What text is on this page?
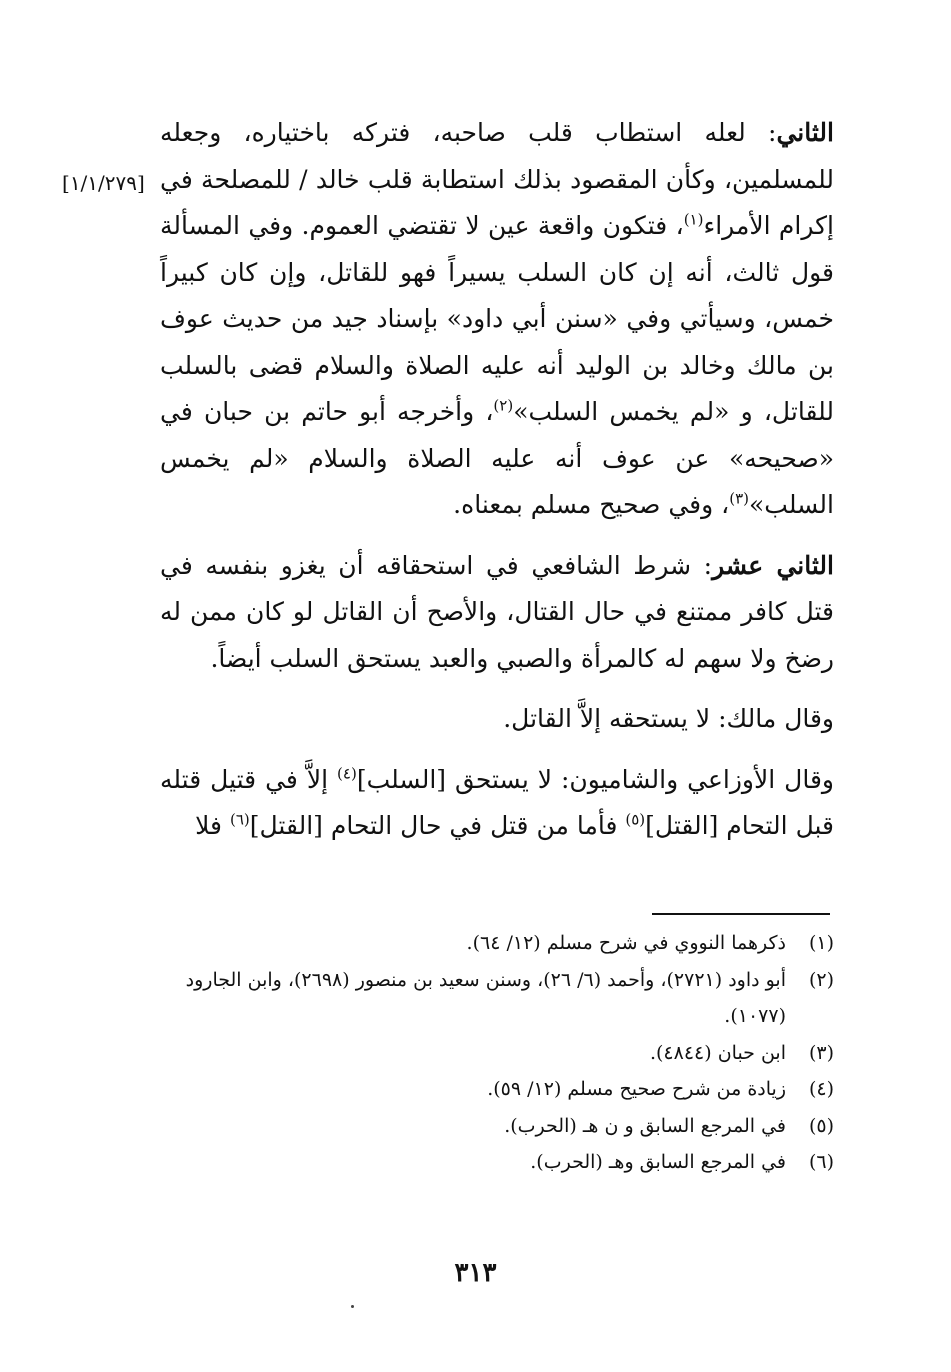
[١/١/٢٧٩]

الثاني: لعله استطاب قلب صاحبه، فتركه باختياره، وجعله للمسلمين، وكأن المقصود بذلك استطابة قلب خالد / للمصلحة في إكرام الأمراء$^{(١)}$، فتكون واقعة عين لا تقتضي العموم. وفي المسألة قول ثالث، أنه إن كان السلب يسيراً فهو للقاتل، وإن كان كبيراً خمس، وسيأتي وفي «سنن أبي داود» بإسناد جيد من حديث عوف بن مالك وخالد بن الوليد أنه عليه الصلاة والسلام قضى بالسلب للقاتل، و «لم يخمس السلب»$^{(٢)}$، وأخرجه أبو حاتم بن حبان في «صحيحه» عن عوف أنه عليه الصلاة والسلام «لم يخمس السلب»$^{(٣)}$، وفي صحيح مسلم بمعناه.

الثاني عشر: شرط الشافعي في استحقاقه أن يغزو بنفسه في قتل كافر ممتنع في حال القتال، والأصح أن القاتل لو كان ممن له رضخ ولا سهم له كالمرأة والصبي والعبد يستحق السلب أيضاً.

وقال مالك: لا يستحقه إلاَّ القاتل.

وقال الأوزاعي والشاميون: لا يستحق [السلب]$^{(٤)}$ إلاَّ في قتيل قتله قبل التحام [القتل]$^{(٥)}$ فأما من قتل في حال التحام [القتل]$^{(٦)}$ فلا

(١)
ذكرهما النووي في شرح مسلم (١٢/ ٦٤).
(٢)
أبو داود (٢٧٢١)، وأحمد (٦/ ٢٦)، وسنن سعيد بن منصور (٢٦٩٨)، وابن الجارود (١٠٧٧).
(٣)
ابن حبان (٤٨٤٤).
(٤)
زيادة من شرح صحيح مسلم (١٢/ ٥٩).
(٥)
في المرجع السابق و ن هـ (الحرب).
(٦)
في المرجع السابق وهـ (الحرب).
٣١٣
